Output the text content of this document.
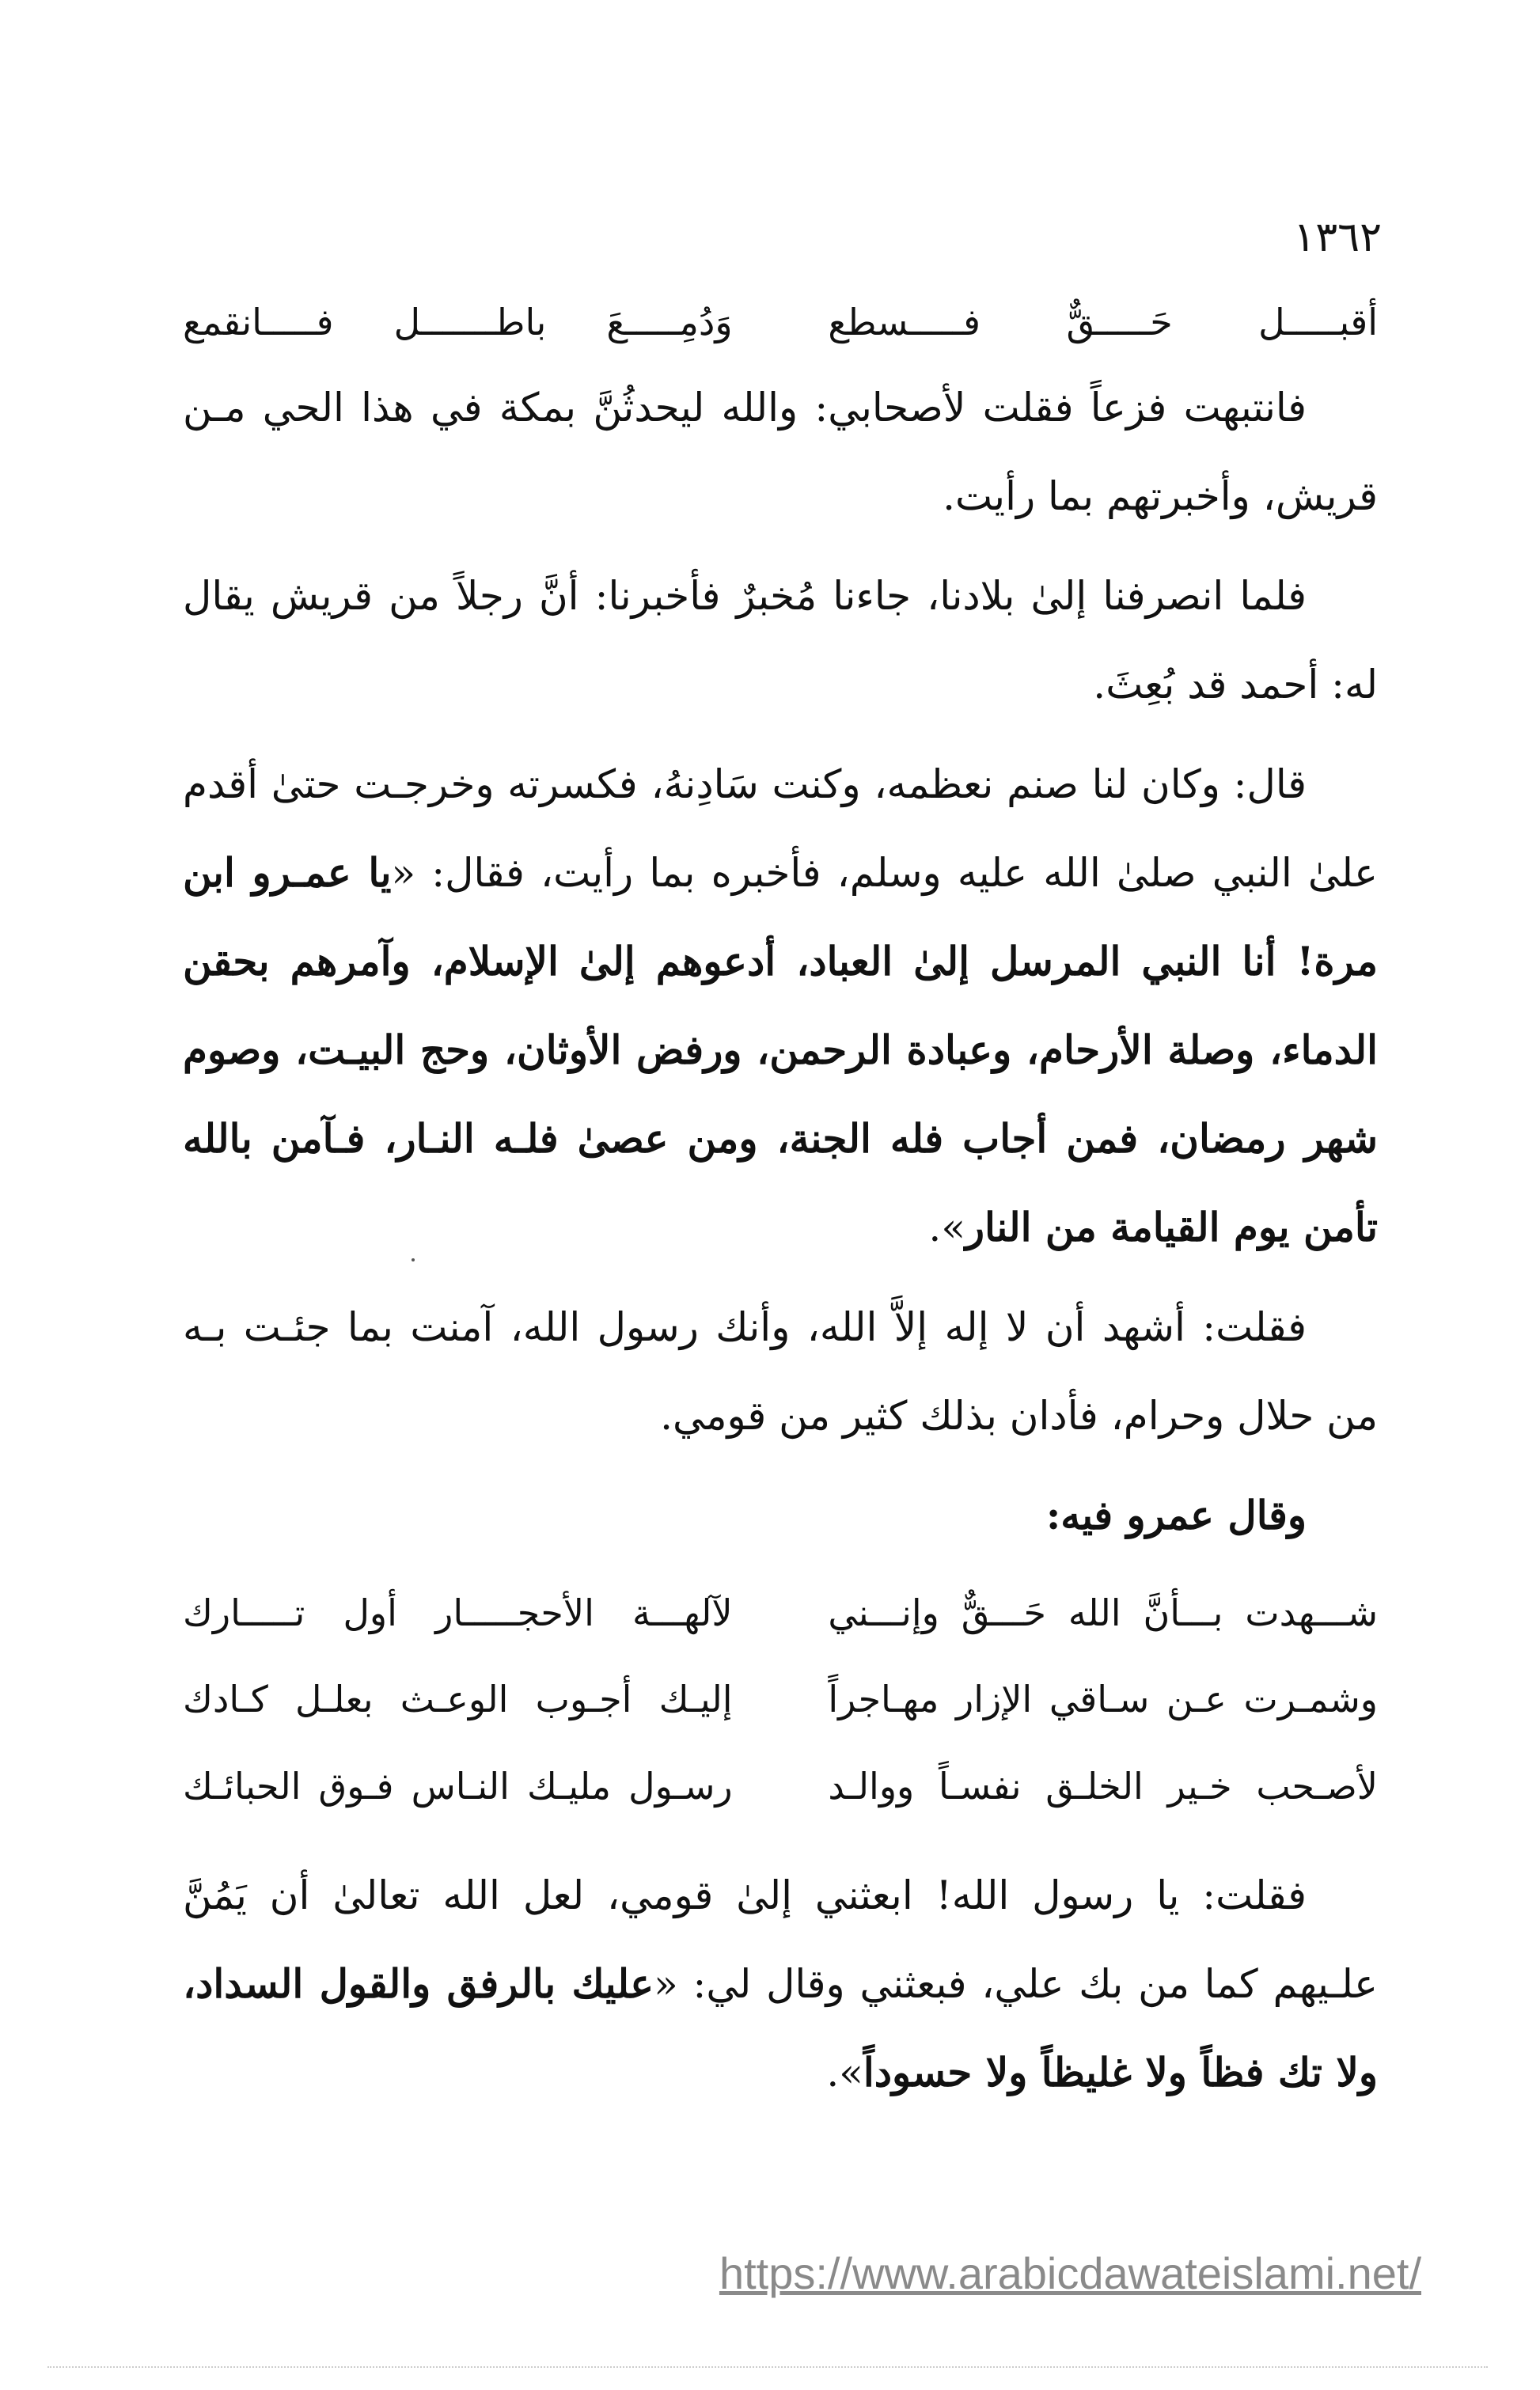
١٣٦٢
أقبـــــل حَـــــقٌّ فـــــسطع
وَدُمِـــــعَ باطـــــــل فـــــانقمع

فانتبهت فزعاً فقلت لأصحابي: والله ليحدثُنَّ بمكة في هذا الحي مـن قريش، وأخبرتهم بما رأيت.

فلما انصرفنا إلىٰ بلادنا، جاءنا مُخبرٌ فأخبرنا: أنَّ رجلاً من قريش يقال له: أحمد قد بُعِثَ.

قال: وكان لنا صنم نعظمه، وكنت سَادِنهُ، فكسرته وخرجـت حتىٰ أقدم علىٰ النبي صلىٰ الله عليه وسلم، فأخبره بما رأيت، فقال: «يا عمـرو ابن مرة! أنا النبي المرسل إلىٰ العباد، أدعوهم إلىٰ الإسلام، وآمرهم بحقن الدماء، وصلة الأرحام، وعبادة الرحمن، ورفض الأوثان، وحج البيـت، وصوم شهر رمضان، فمن أجاب فله الجنة، ومن عصىٰ فلـه النـار، فـآمن بالله تأمن يوم القيامة من النار».

فقلت: أشهد أن لا إله إلاَّ الله، وأنك رسول الله، آمنت بما جئـت بـه من حلال وحرام، فأدان بذلك كثير من قومي.

وقال عمرو فيه:
شـــهدت بـــأنَّ الله حَـــقٌّ وإنـــني
لآلهـــة الأحجـــــار أول تـــــارك
وشمـرت عـن سـاقي الإزار مهـاجراً
إليـك أجـوب الوعـث بعلـل كـادك
لأصـحب خـير الخلـق نفسـاً ووالـد
رسـول مليـك النـاس فـوق الحبائـك

فقلت: يا رسول الله! ابعثني إلىٰ قومي، لعل الله تعالىٰ أن يَمُنَّ علـيهم كما من بك علي، فبعثني وقال لي: «عليك بالرفق والقول السداد، ولا تك فظاً ولا غليظاً ولا حسوداً».

https://www.arabicdawateislami.net/
